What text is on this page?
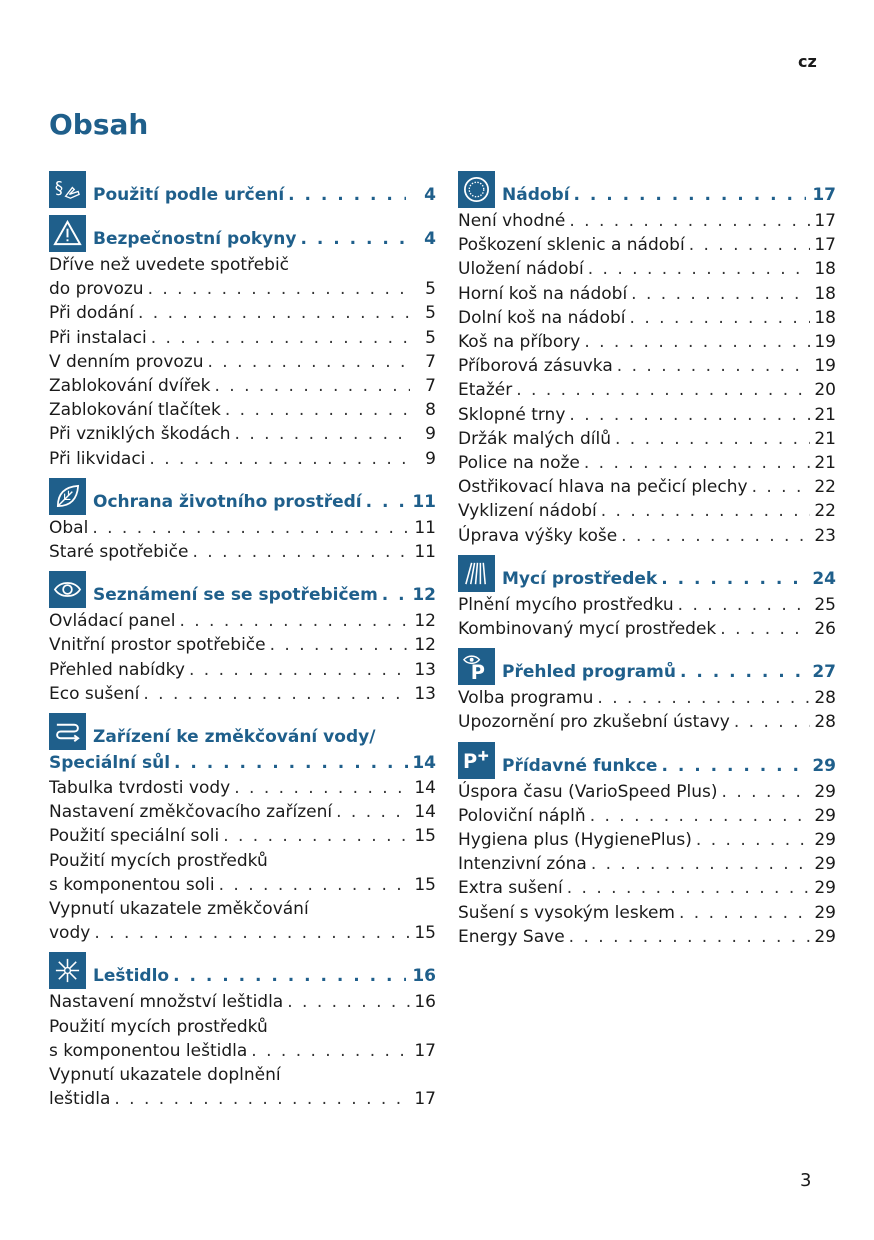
cz
Obsah
§ Použití podle určení . . .	4
Bezpečnostní pokyny . . .	4
Dříve než uvedete spotřebič
do provozu . . .	5
Při dodání . . .	5
Při instalaci . . .	5
V denním provozu . . .	7
Zablokování dvířek . . .	7
Zablokování tlačítek . . .	8
Při vzniklých škodách . . .	9
Při likvidaci . . .	9
Ochrana životního prostředí . . .	11
Obal . . .	11
Staré spotřebiče . . .	11
Seznámení se se spotřebičem . . . 12
Ovládací panel . . .	12
Vnitřní prostor spotřebiče . . .	12
Přehled nabídky . . .	13
Eco sušení . . .	13
Zařízení ke změkčování vody/
Speciální sůl . . .	14
Tabulka tvrdosti vody . . .	14
Nastavení změkčovacího zařízení . . .	14
Použití speciální soli . . .	15
Použití mycích prostředků
s komponentou soli . . .	15
Vypnutí ukazatele změkčování
vody . . .	15
Leštidlo . . .	16
Nastavení množství leštidla . . .	16
Použití mycích prostředků
s komponentou leštidla . . .	17
Vypnutí ukazatele doplnění
leštidla . . .	17
Nádobí . . .	17
Není vhodné . . .	17
Poškození sklenic a nádobí . . .	17
Uložení nádobí . . .	18
Horní koš na nádobí . . .	18
Dolní koš na nádobí . . .	18
Koš na příbory . . .	19
Příborová zásuvka . . .	19
Etažér . . .	20
Sklopné trny . . .	21
Držák malých dílů . . .	21
Police na nože . . .	21
Ostřikovací hlava na pečicí plechy . . .	22
Vyklizení nádobí . . .	22
Úprava výšky koše . . .	23
Mycí prostředek . . .	24
Plnění mycího prostředku . . .	25
Kombinovaný mycí prostředek . . .	26
P Přehled programů . . .	27
Volba programu . . .	28
Upozornění pro zkušební ústavy . . .	28
P Přídavné funkce . . .	29
Úspora času (VarioSpeed Plus) . . .	29
Poloviční náplň . . .	29
Hygiena plus (HygienePlus) . . .	29
Intenzivní zóna . . .	29
Extra sušení . . .	29
Sušení s vysokým leskem . . .	29
Energy Save . . .	29
3
